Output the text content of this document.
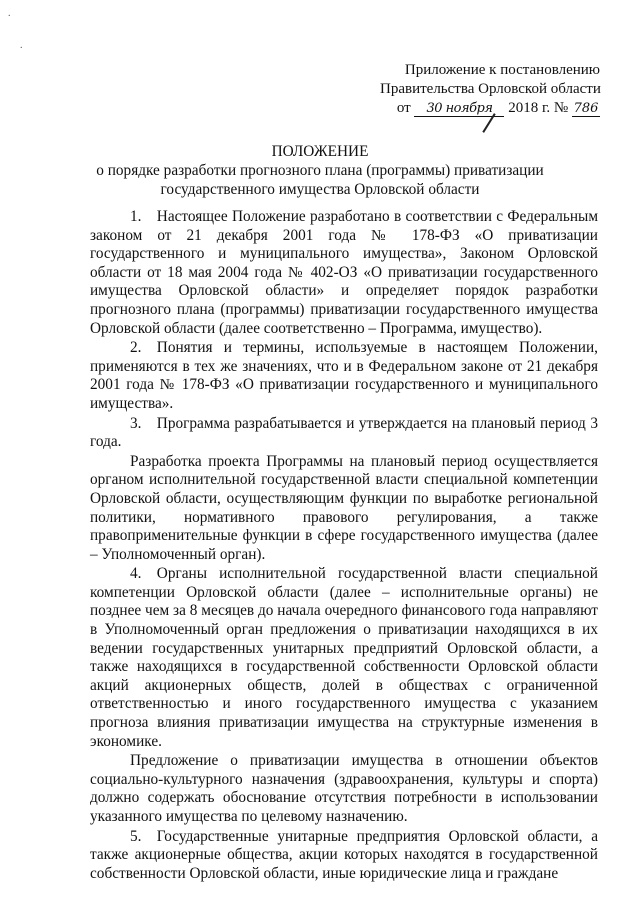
.
.
Приложение к постановлению
Правительства Орловской области
от 30 ноября 2018 г. № 786
ПОЛОЖЕНИЕ
о порядке разработки прогнозного плана (программы) приватизации
государственного имущества Орловской области

1. Настоящее Положение разработано в соответствии с Федеральным законом от 21 декабря 2001 года № 178-ФЗ «О приватизации государственного и муниципального имущества», Законом Орловской области от 18 мая 2004 года № 402-ОЗ «О приватизации государственного имущества Орловской области» и определяет порядок разработки прогнозного плана (программы) приватизации государственного имущества Орловской области (далее соответственно – Программа, имущество).

2. Понятия и термины, используемые в настоящем Положении, применяются в тех же значениях, что и в Федеральном законе от 21 декабря 2001 года № 178-ФЗ «О приватизации государственного и муниципального имущества».

3. Программа разрабатывается и утверждается на плановый период 3 года.

Разработка проекта Программы на плановый период осуществляется органом исполнительной государственной власти специальной компетенции Орловской области, осуществляющим функции по выработке региональной политики, нормативного правового регулирования, а также правоприменительные функции в сфере государственного имущества (далее – Уполномоченный орган).

4. Органы исполнительной государственной власти специальной компетенции Орловской области (далее – исполнительные органы) не позднее чем за 8 месяцев до начала очередного финансового года направляют в Уполномоченный орган предложения о приватизации находящихся в их ведении государственных унитарных предприятий Орловской области, а также находящихся в государственной собственности Орловской области акций акционерных обществ, долей в обществах с ограниченной ответственностью и иного государственного имущества с указанием прогноза влияния приватизации имущества на структурные изменения в экономике.

Предложение о приватизации имущества в отношении объектов социально-культурного назначения (здравоохранения, культуры и спорта) должно содержать обоснование отсутствия потребности в использовании указанного имущества по целевому назначению.

5. Государственные унитарные предприятия Орловской области, а также акционерные общества, акции которых находятся в государственной собственности Орловской области, иные юридические лица и граждане
